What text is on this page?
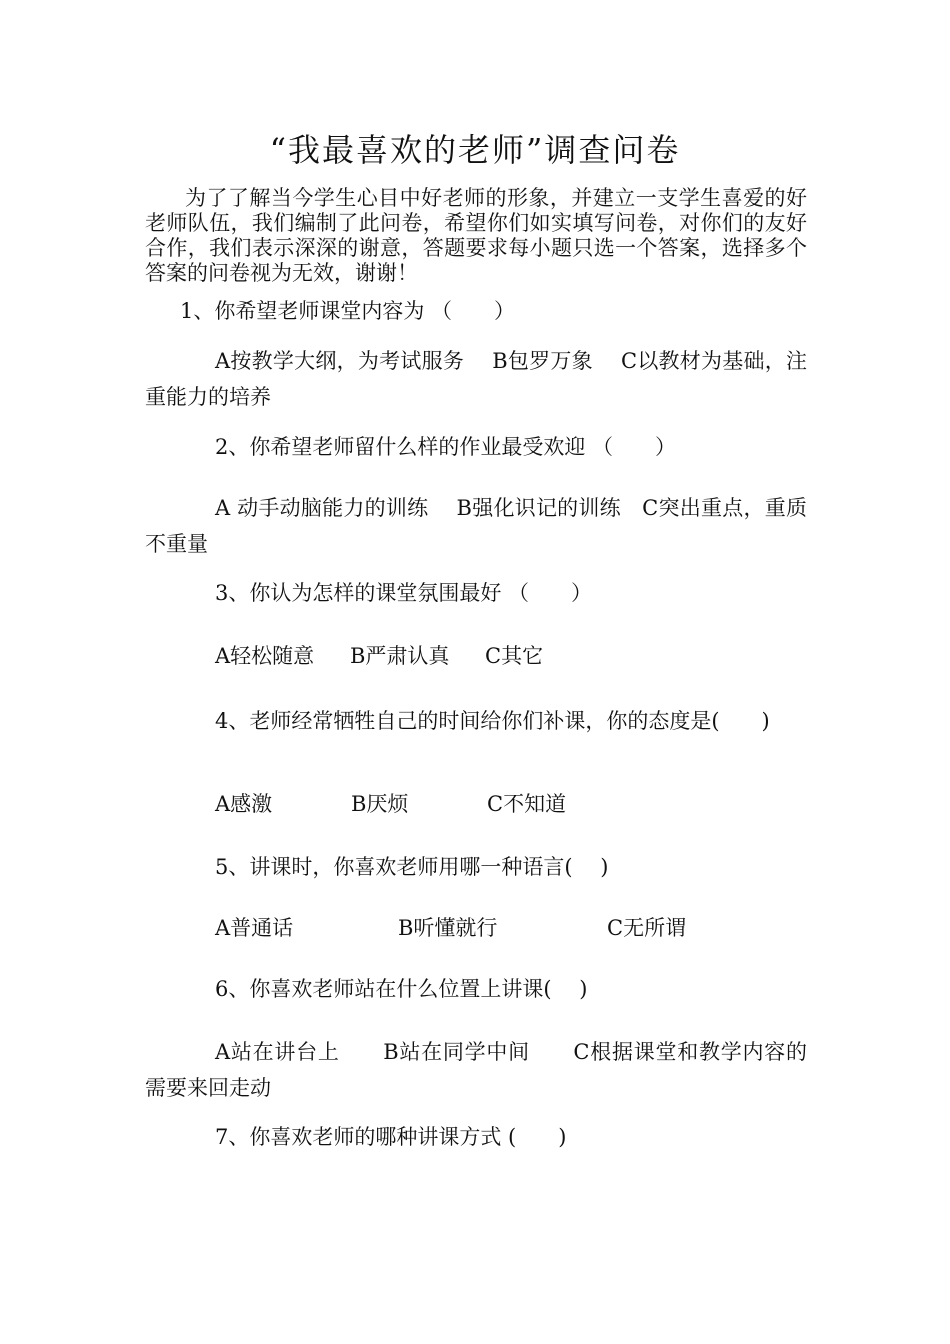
“我最喜欢的老师”调查问卷

为了了解当今学生心目中好老师的形象，并建立一支学生喜爱的好老师队伍，我们编制了此问卷，希望你们如实填写问卷，对你们的友好合作，我们表示深深的谢意，答题要求每小题只选一个答案，选择多个答案的问卷视为无效，谢谢！

1、你希望老师课堂内容为 （　　）

A按教学大纲，为考试服务　 B包罗万象　 C以教材为基础，注重能力的培养

2、你希望老师留什么样的作业最受欢迎 （　　）

A 动手动脑能力的训练　 B强化识记的训练　C突出重点，重质不重量

3、你认为怎样的课堂氛围最好 （　　）

A轻松随意 B严肃认真 C其它

4、老师经常牺牲自己的时间给你们补课，你的态度是(　　)

A感激	B厌烦	C不知道

5、讲课时，你喜欢老师用哪一种语言(　 )

A普通话	B听懂就行	C无所谓

6、你喜欢老师站在什么位置上讲课(　 )

A站在讲台上　　B站在同学中间　　C根据课堂和教学内容的需要来回走动

7、你喜欢老师的哪种讲课方式 (　　)
